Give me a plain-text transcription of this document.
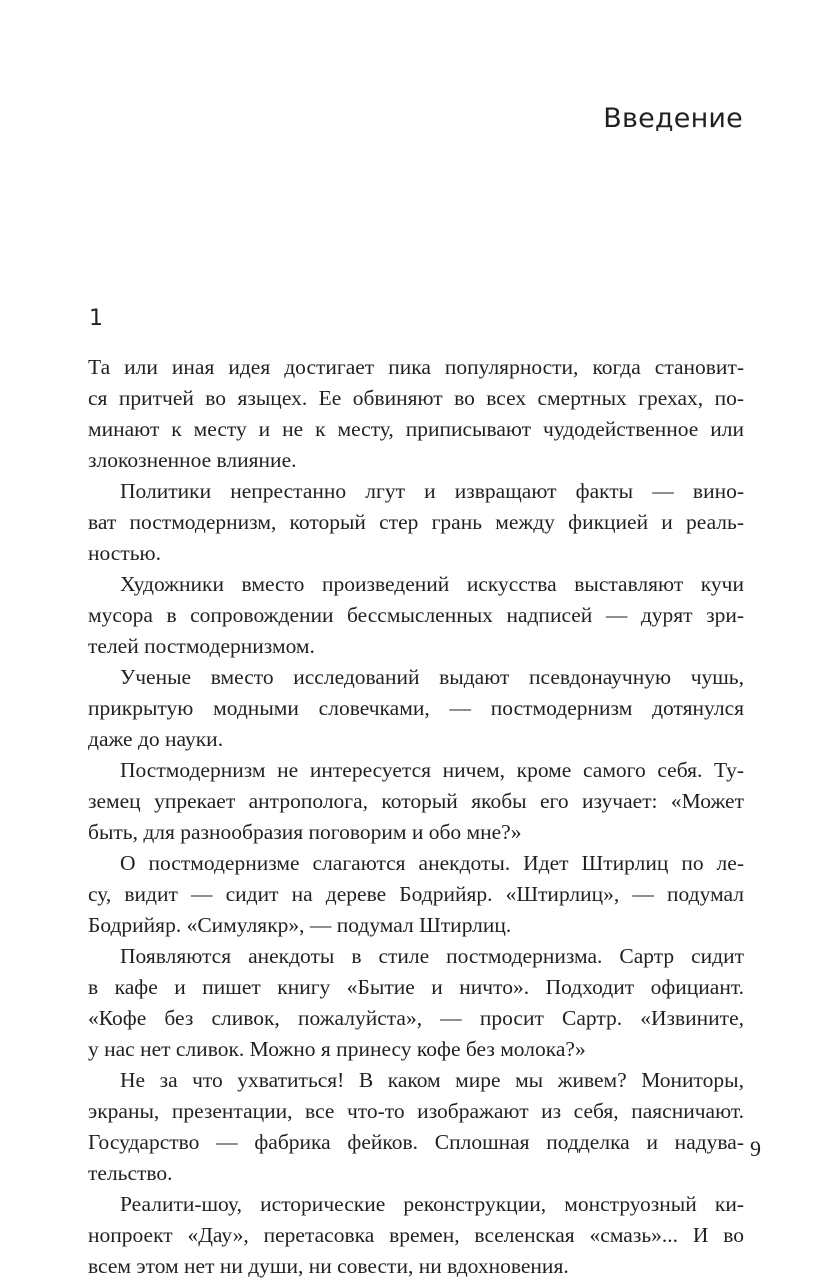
Введение
1
Та или иная идея достигает пика популярности, когда становит-
ся притчей во языцех. Ее обвиняют во всех смертных грехах, по-
минают к месту и не к месту, приписывают чудодейственное или
злокозненное влияние.
Политики непрестанно лгут и извращают факты — вино-
ват постмодернизм, который стер грань между фикцией и реаль-
ностью.
Художники вместо произведений искусства выставляют кучи
мусора в сопровождении бессмысленных надписей — дурят зри-
телей постмодернизмом.
Ученые вместо исследований выдают псевдонаучную чушь,
прикрытую модными словечками, — постмодернизм дотянулся
даже до науки.
Постмодернизм не интересуется ничем, кроме самого себя. Ту-
земец упрекает антрополога, который якобы его изучает: «Может
быть, для разнообразия поговорим и обо мне?»
О постмодернизме слагаются анекдоты. Идет Штирлиц по ле-
су, видит — сидит на дереве Бодрийяр. «Штирлиц», — подумал
Бодрийяр. «Симулякр», — подумал Штирлиц.
Появляются анекдоты в стиле постмодернизма. Сартр сидит
в кафе и пишет книгу «Бытие и ничто». Подходит официант.
«Кофе без сливок, пожалуйста», — просит Сартр. «Извините,
у нас нет сливок. Можно я принесу кофе без молока?»
Не за что ухватиться! В каком мире мы живем? Мониторы,
экраны, презентации, все что-то изображают из себя, паясничают.
Государство — фабрика фейков. Сплошная подделка и надува-
тельство.
Реалити-шоу, исторические реконструкции, монструозный ки-
нопроект «Дау», перетасовка времен, вселенская «смазь»... И во
всем этом нет ни души, ни совести, ни вдохновения.
9
